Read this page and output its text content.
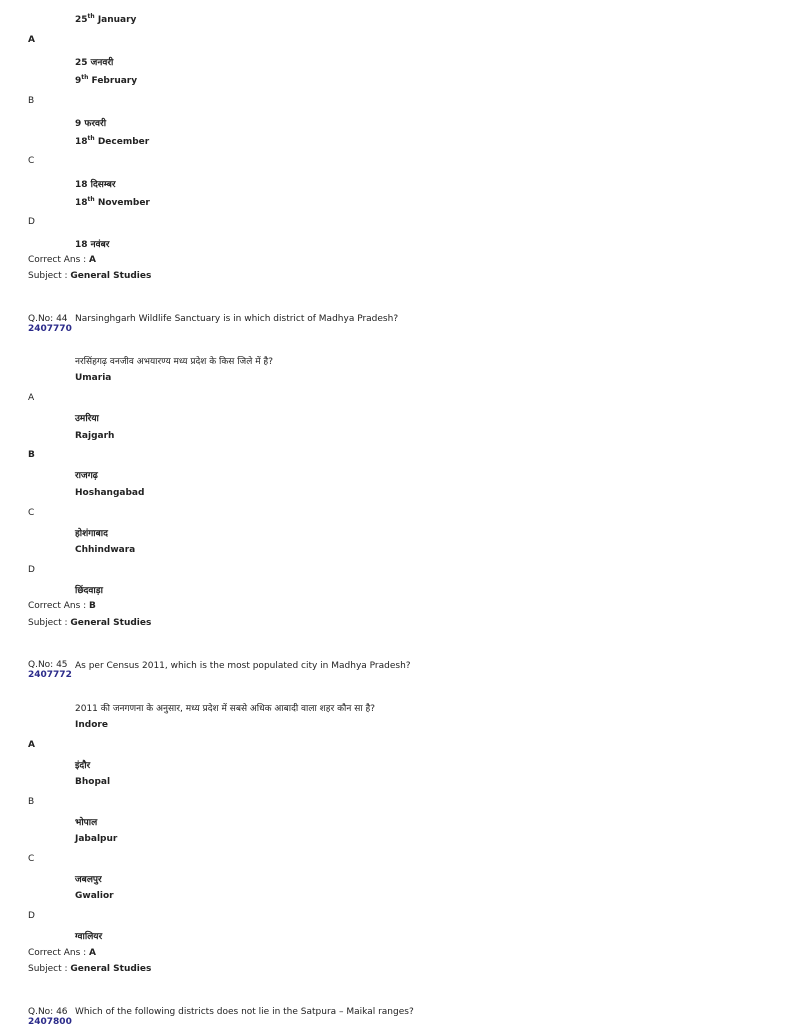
25th January
A
25 जनवरी
9th February
B
9 फरवरी
18th December
C
18 दिसम्बर
18th November
D
18 नवंबर
Correct Ans : A
Subject : General Studies
Q.No: 44 Narsinghgarh Wildlife Sanctuary is in which district of Madhya Pradesh?
2407770
नरसिंहगढ़ वनजीव अभयारण्य मध्य प्रदेश के किस जिले में है?
Umaria
A
उमरिया
Rajgarh
B
राजगढ़
Hoshangabad
C
होशंगाबाद
Chhindwara
D
छिंदवाड़ा
Correct Ans : B
Subject : General Studies
Q.No: 45 As per Census 2011, which is the most populated city in Madhya Pradesh?
2407772
2011 की जनगणना के अनुसार, मध्य प्रदेश में सबसे अधिक आबादी वाला शहर कौन सा है?
Indore
A
इंदौर
Bhopal
B
भोपाल
Jabalpur
C
जबलपुर
Gwalior
D
ग्वालियर
Correct Ans : A
Subject : General Studies
Q.No: 46 Which of the following districts does not lie in the Satpura – Maikal ranges?
2407800
